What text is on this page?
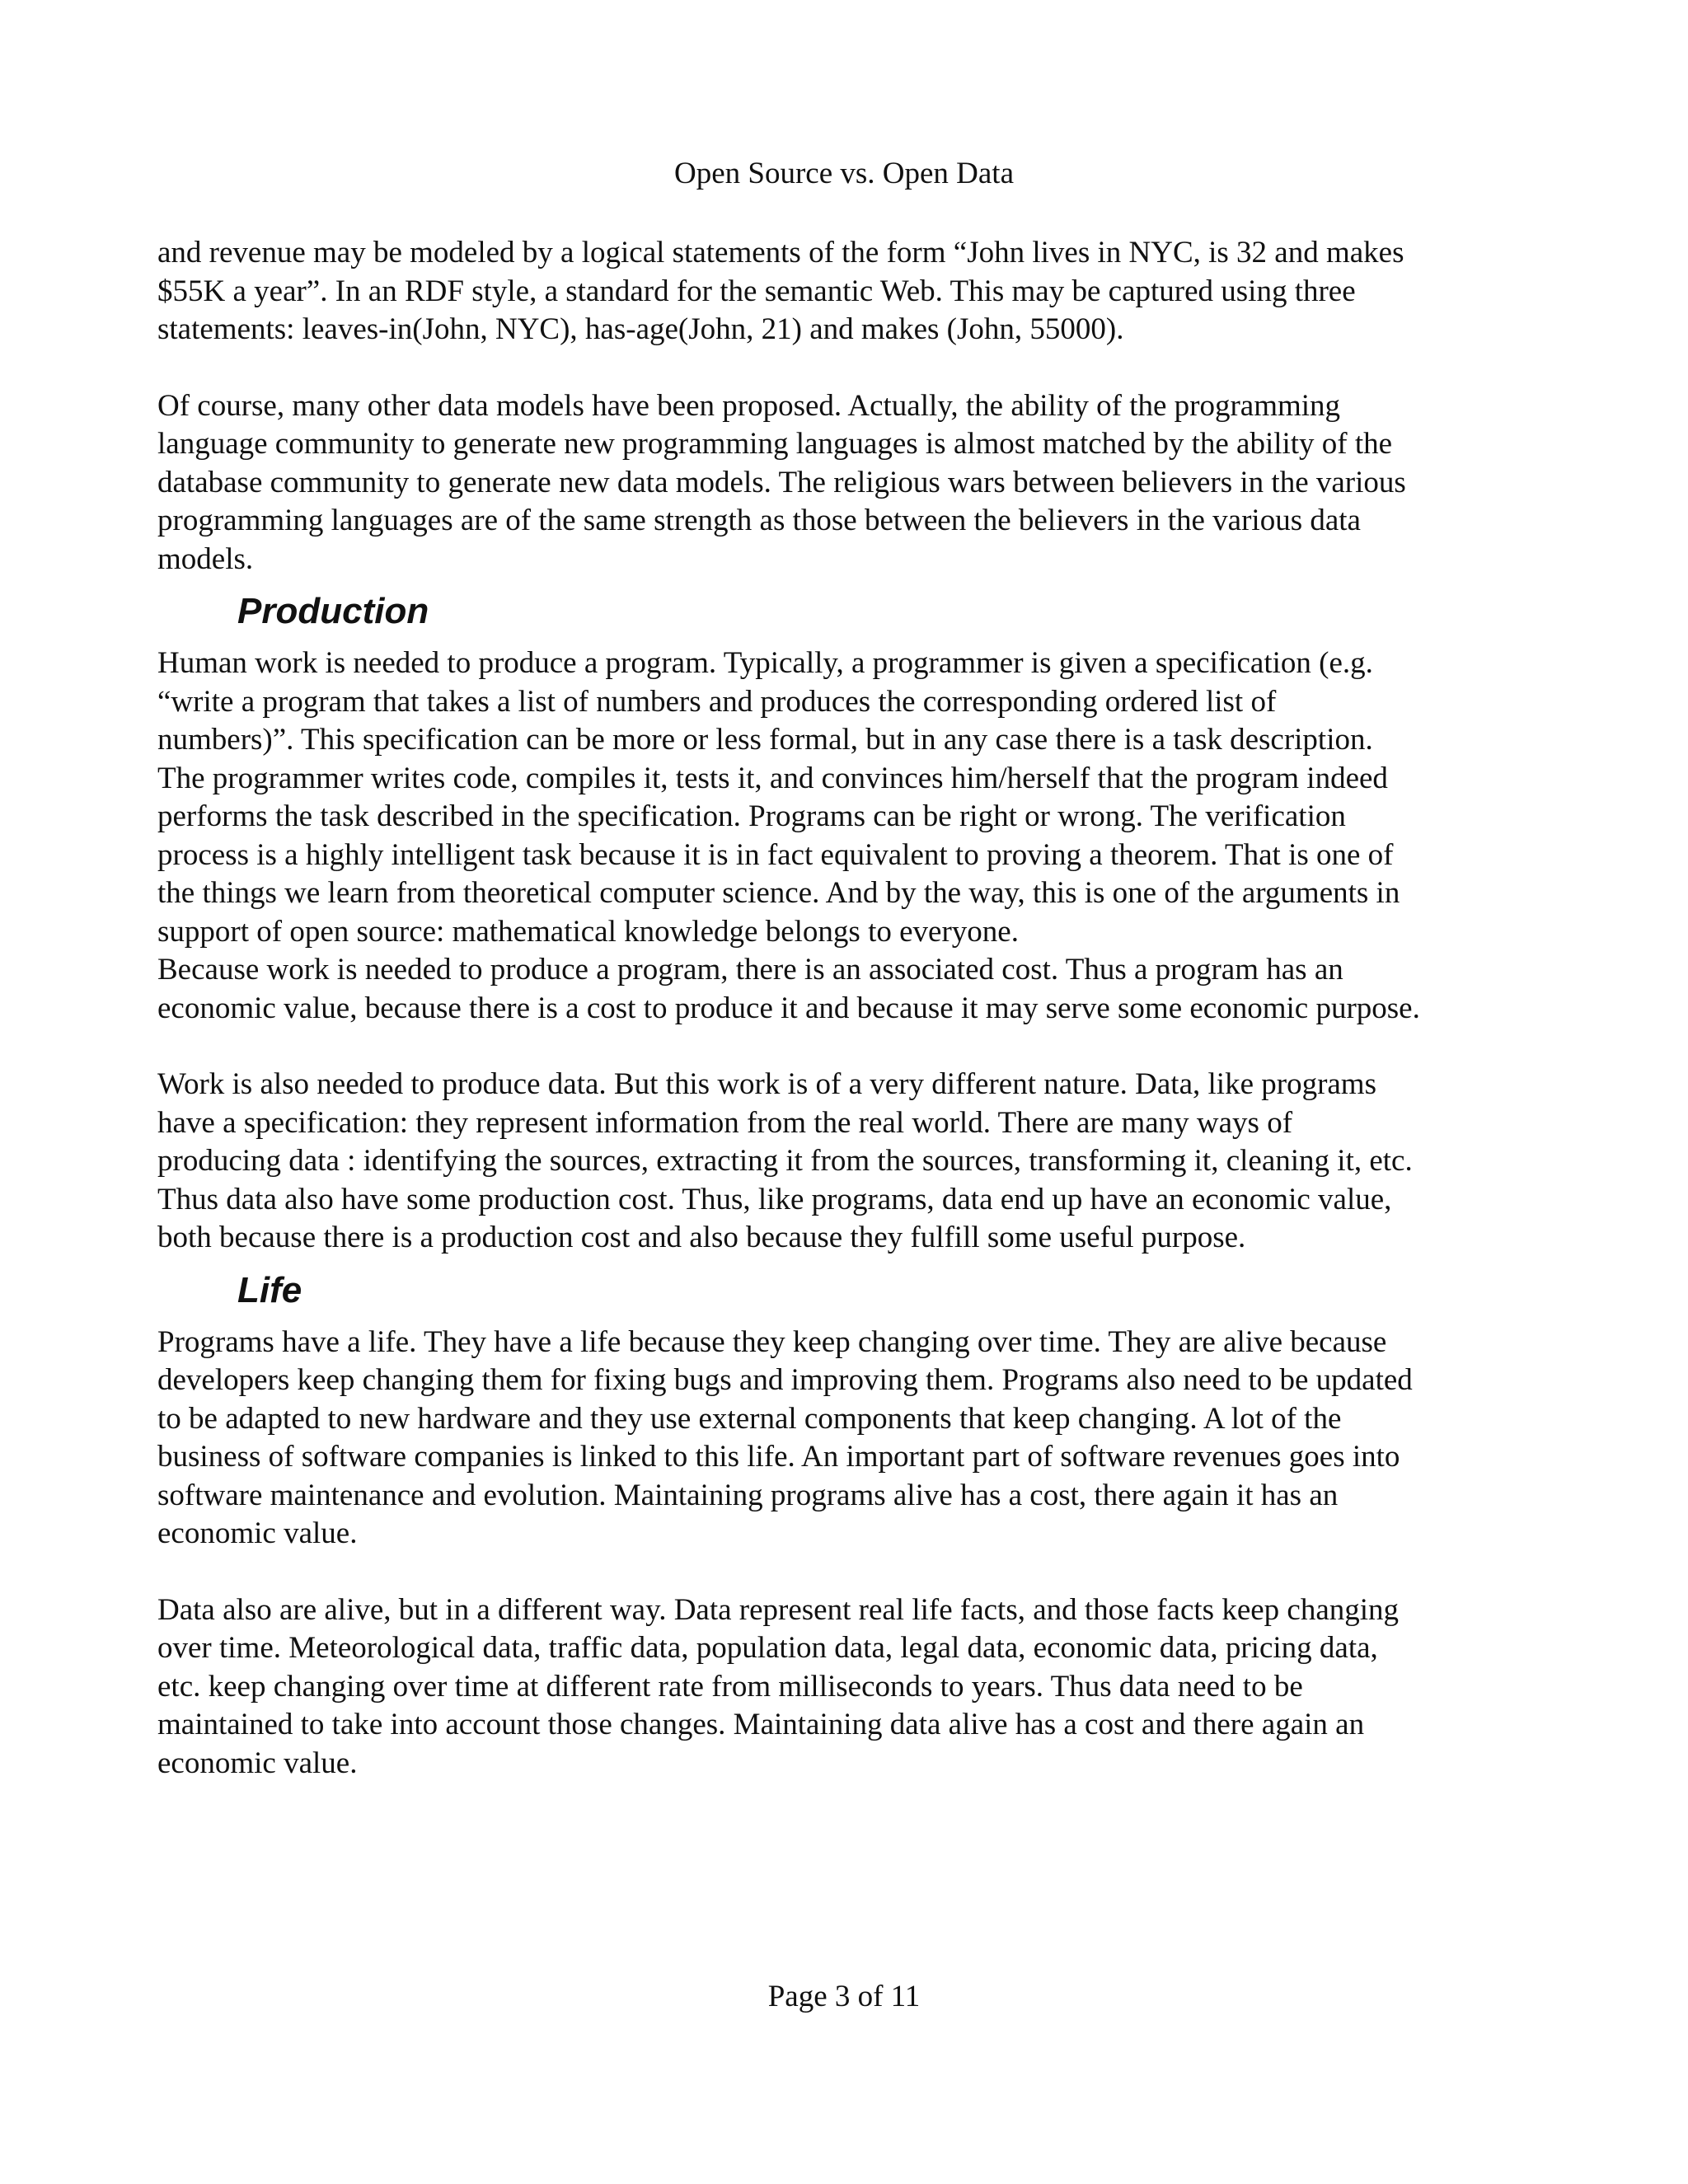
Open Source vs. Open Data

and revenue may be modeled by a logical statements of the form “John lives in NYC, is 32 and makes
$55K a year”. In an RDF style, a standard for the semantic Web. This may be captured using three
statements: leaves-in(John, NYC), has-age(John, 21) and makes (John, 55000).

Of course, many other data models have been proposed. Actually, the ability of the programming
language community to generate new programming languages is almost matched by the ability of the
database community to generate new data models. The religious wars between believers in the various
programming languages are of the same strength as those between the believers in the various data
models.

Production

Human work is needed to produce a program. Typically, a programmer is given a specification (e.g.
“write a program that takes a list of numbers and produces the corresponding ordered list of
numbers)”. This specification can be more or less formal, but in any case there is a task description.
The programmer writes code, compiles it, tests it, and convinces him/herself that the program indeed
performs the task described in the specification. Programs can be right or wrong. The verification
process is a highly intelligent task because it is in fact equivalent to proving a theorem. That is one of
the things we learn from theoretical computer science. And by the way, this is one of the arguments in
support of open source: mathematical knowledge belongs to everyone.

Because work is needed to produce a program, there is an associated cost. Thus a program has an
economic value, because there is a cost to produce it and because it may serve some economic purpose.

Work is also needed to produce data. But this work is of a very different nature. Data, like programs
have a specification: they represent information from the real world. There are many ways of
producing data : identifying the sources, extracting it from the sources, transforming it, cleaning it, etc.
Thus data also have some production cost. Thus, like programs, data end up have an economic value,
both because there is a production cost and also because they fulfill some useful purpose.

Life

Programs have a life. They have a life because they keep changing over time. They are alive because
developers keep changing them for fixing bugs and improving them. Programs also need to be updated
to be adapted to new hardware and they use external components that keep changing. A lot of the
business of software companies is linked to this life. An important part of software revenues goes into
software maintenance and evolution. Maintaining programs alive has a cost, there again it has an
economic value.

Data also are alive, but in a different way. Data represent real life facts, and those facts keep changing
over time. Meteorological data, traffic data, population data, legal data, economic data, pricing data,
etc. keep changing over time at different rate from milliseconds to years. Thus data need to be
maintained to take into account those changes. Maintaining data alive has a cost and there again an
economic value.

Page 3 of 11
